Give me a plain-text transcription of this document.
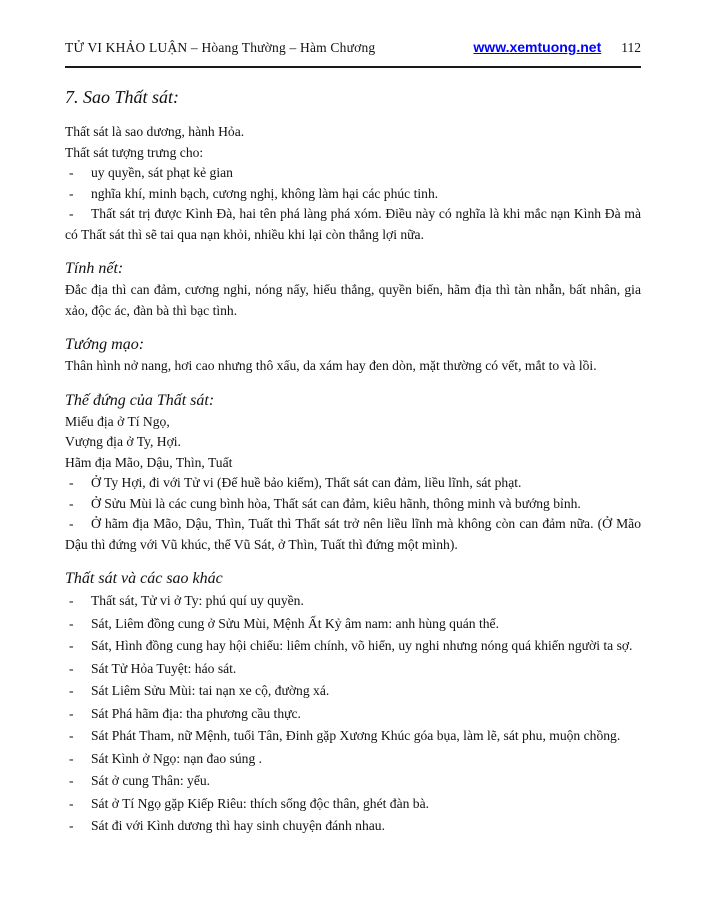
TỬ VI KHẢO LUẬN – Hòang Thường – Hàm Chương	www.xemtuong.net 112
7. Sao Thất sát:

Thất sát là sao dương, hành Hỏa.

Thất sát tượng trưng cho:

- uy quyền, sát phạt kẻ gian

- nghĩa khí, minh bạch, cương nghị, không làm hại các phúc tinh.

- Thất sát trị được Kình Đà, hai tên phá làng phá xóm. Điều này có nghĩa là khi mắc nạn Kình Đà mà có Thất sát thì sẽ tai qua nạn khỏi, nhiều khi lại còn thắng lợi nữa.

Tính nết:

Đắc địa thì can đảm, cương nghi, nóng nẩy, hiếu thắng, quyền biến, hãm địa thì tàn nhẫn, bất nhân, gia xảo, độc ác, đàn bà thì bạc tình.

Tướng mạo:

Thân hình nở nang, hơi cao nhưng thô xấu, da xám hay đen dòn, mặt thường có vết, mắt to và lồi.

Thế đứng của Thất sát:

Miếu địa ở Tí Ngọ,

Vượng địa ở Ty, Hợi.

Hãm địa Mão, Dậu, Thìn, Tuất

- Ở Ty Hợi, đi với Tử vi (Đế huề bảo kiếm), Thất sát can đảm, liều lĩnh, sát phạt.

- Ở Sửu Mùi là các cung bình hòa, Thất sát can đảm, kiêu hãnh, thông minh và bướng bỉnh.

- Ở hãm địa Mão, Dậu, Thìn, Tuất thì Thất sát trở nên liều lĩnh mà không còn can đảm nữa. (Ở Mão Dậu thì đứng với Vũ khúc, thế Vũ Sát, ở Thìn, Tuất thì đứng một mình).

Thất sát và các sao khác

- Thất sát, Tử vi ở Ty: phú quí uy quyền.

- Sát, Liêm đồng cung ở Sửu Mùi, Mệnh Ất Kỷ âm nam: anh hùng quán thế.

- Sát, Hình đồng cung hay hội chiếu: liêm chính, võ hiển, uy nghi nhưng nóng quá khiến người ta sợ.

- Sát Tử Hỏa Tuyệt: háo sát.

- Sát Liêm Sửu Mùi: tai nạn xe cộ, đường xá.

- Sát Phá hãm địa: tha phương cầu thực.

- Sát Phát Tham, nữ Mệnh, tuổi Tân, Đinh gặp Xương Khúc góa bụa, làm lẽ, sát phu, muộn chồng.

- Sát Kình ở Ngọ: nạn đao súng .

- Sát ở cung Thân: yểu.

- Sát ở Tí Ngọ gặp Kiếp Riêu: thích sống độc thân, ghét đàn bà.

- Sát đi với Kình dương thì hay sinh chuyện đánh nhau.
